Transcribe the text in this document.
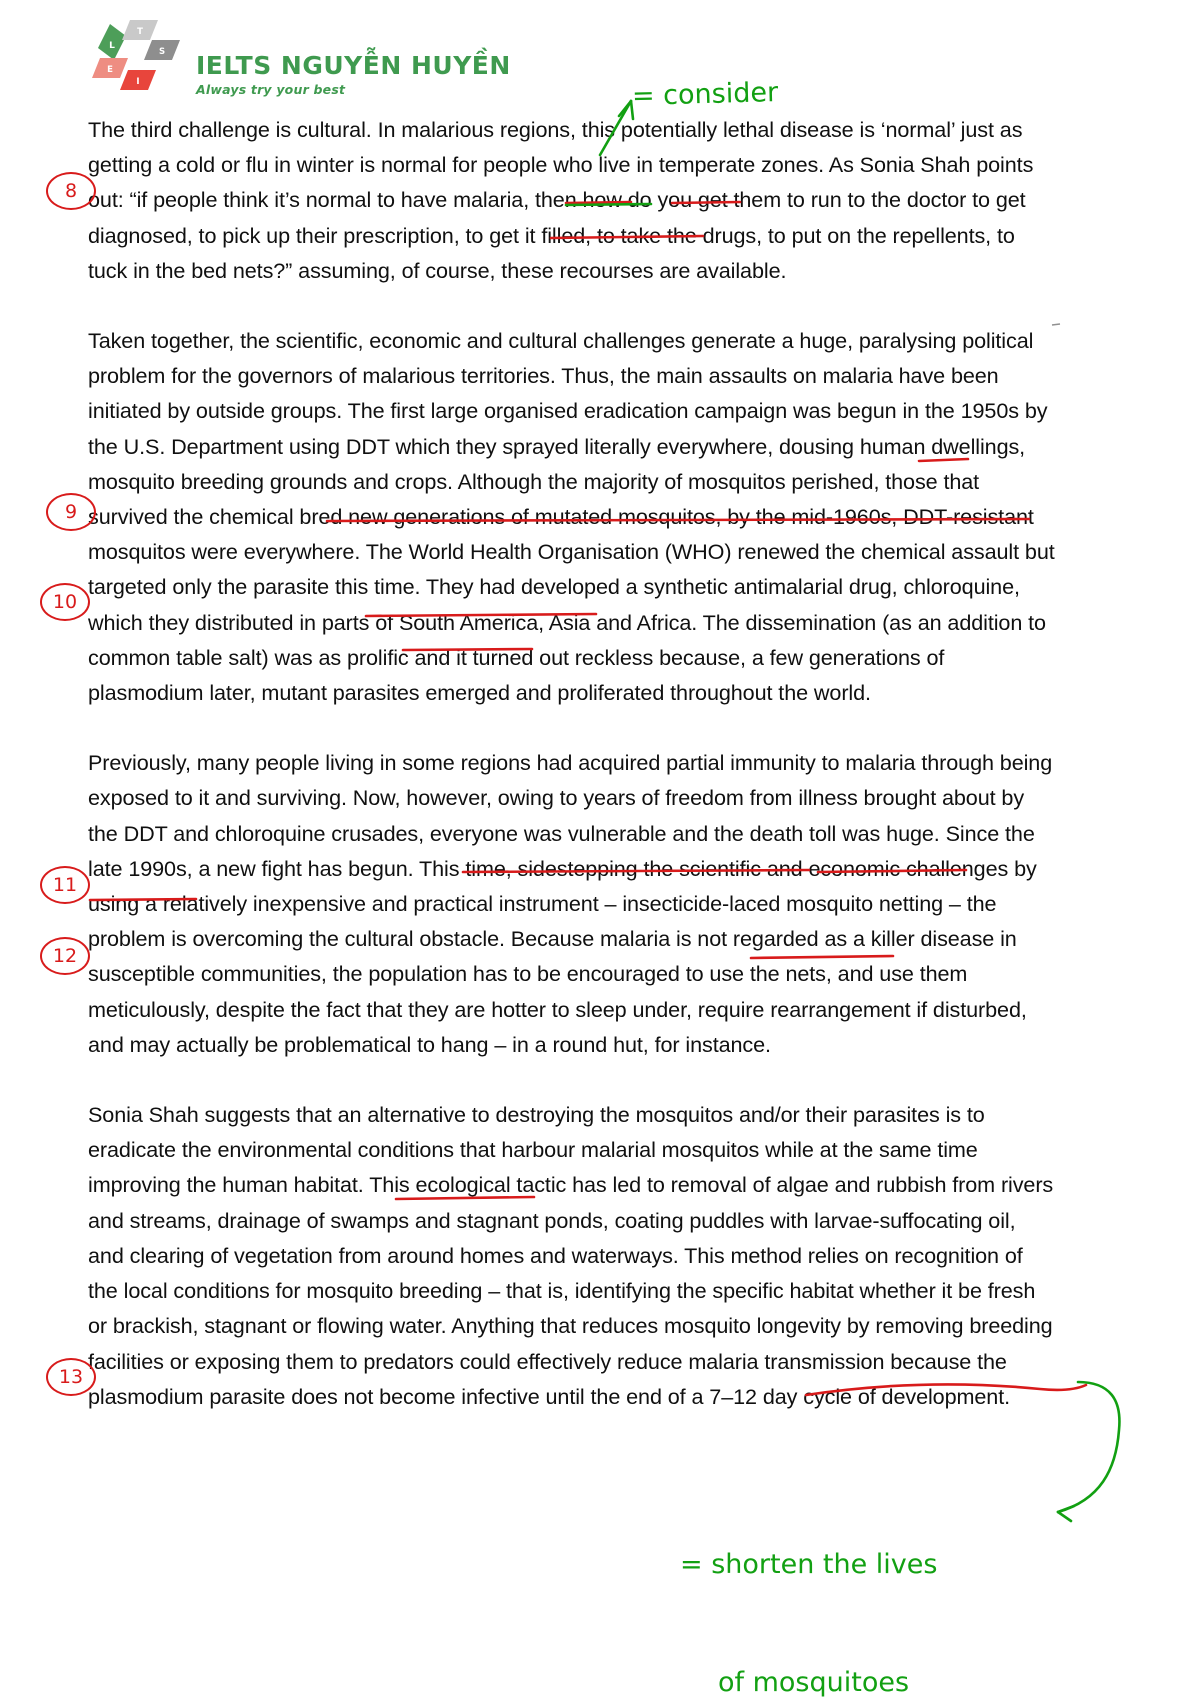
L
T
S
E
I
IELTS NGUYỄN HUYỀN
Always try your best

The third challenge is cultural. In malarious regions, this potentially lethal disease is ‘normal’ just as getting a cold or flu in winter is normal for people who live in temperate zones. As Sonia Shah points out: “if people think it’s normal to have malaria, then how do you get them to run to the doctor to get diagnosed, to pick up their prescription, to get it filled, to take the drugs, to put on the repellents, to tuck in the bed nets?” assuming, of course, these recourses are available.

Taken together, the scientific, economic and cultural challenges generate a huge, paralysing political problem for the governors of malarious territories. Thus, the main assaults on malaria have been initiated by outside groups. The first large organised eradication campaign was begun in the 1950s by the U.S. Department using DDT which they sprayed literally everywhere, dousing human dwellings, mosquito breeding grounds and crops. Although the majority of mosquitos perished, those that survived the chemical bred new generations of mutated mosquitos, by the mid-1960s, DDT-resistant mosquitos were everywhere. The World Health Organisation (WHO) renewed the chemical assault but targeted only the parasite this time. They had developed a synthetic antimalarial drug, chloroquine, which they distributed in parts of South America, Asia and Africa. The dissemination (as an addition to common table salt) was as prolific and it turned out reckless because, a few generations of plasmodium later, mutant parasites emerged and proliferated throughout the world.

Previously, many people living in some regions had acquired partial immunity to malaria through being exposed to it and surviving. Now, however, owing to years of freedom from illness brought about by the DDT and chloroquine crusades, everyone was vulnerable and the death toll was huge. Since the late 1990s, a new fight has begun. This time, sidestepping the scientific and economic challenges by using a relatively inexpensive and practical instrument – insecticide-laced mosquito netting – the problem is overcoming the cultural obstacle. Because malaria is not regarded as a killer disease in susceptible communities, the population has to be encouraged to use the nets, and use them meticulously, despite the fact that they are hotter to sleep under, require rearrangement if disturbed, and may actually be problematical to hang – in a round hut, for instance.

Sonia Shah suggests that an alternative to destroying the mosquitos and/or their parasites is to eradicate the environmental conditions that harbour malarial mosquitos while at the same time improving the human habitat. This ecological tactic has led to removal of algae and rubbish from rivers and streams, drainage of swamps and stagnant ponds, coating puddles with larvae-suffocating oil, and clearing of vegetation from around homes and waterways. This method relies on recognition of the local conditions for mosquito breeding – that is, identifying the specific habitat whether it be fresh or brackish, stagnant or flowing water. Anything that reduces mosquito longevity by removing breeding facilities or exposing them to predators could effectively reduce malaria transmission because the plasmodium parasite does not become infective until the end of a 7–12 day cycle of development.

= consider

= shorten the lives

of mosquitoes

8
9
10
11
12
13
